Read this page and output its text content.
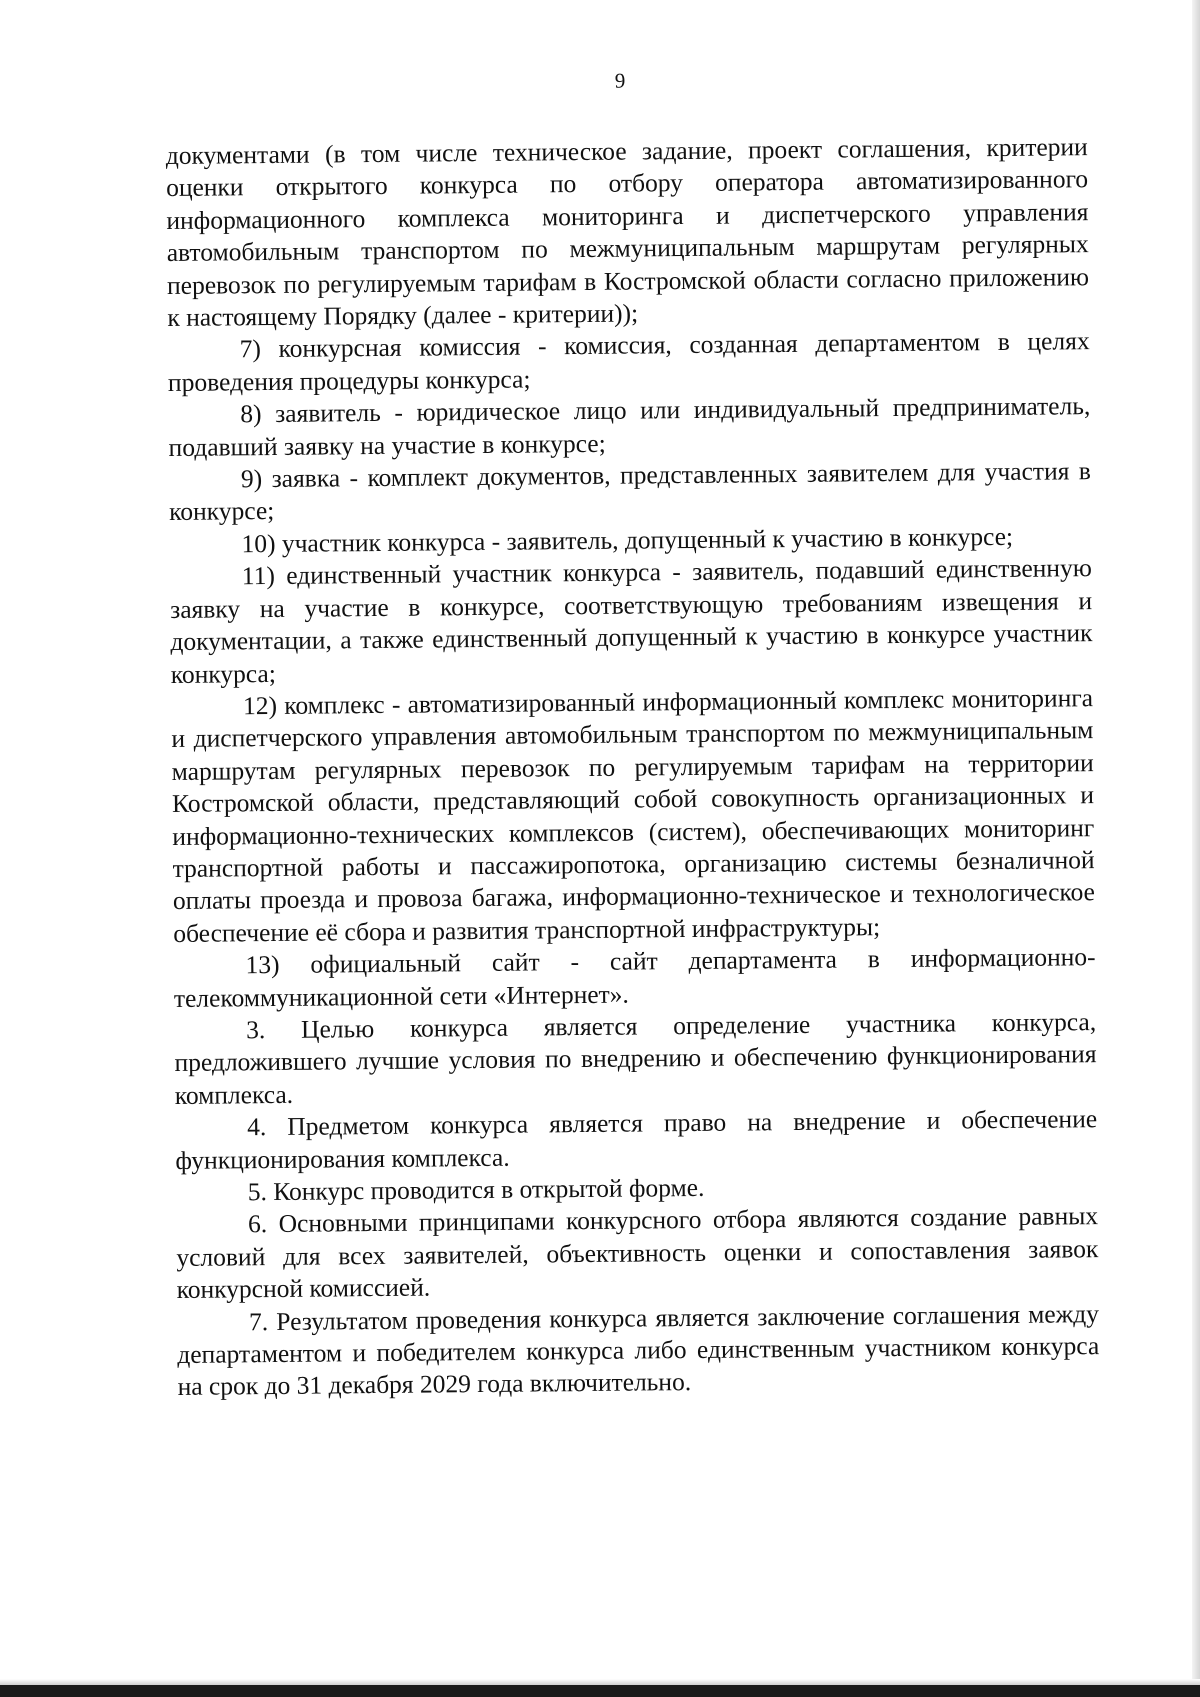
9

документами (в том числе техническое задание, проект соглашения, критерии оценки открытого конкурса по отбору оператора автоматизированного информационного комплекса мониторинга и диспетчерского управления автомобильным транспортом по межмуниципальным маршрутам регулярных перевозок по регулируемым тарифам в Костромской области согласно приложению к настоящему Порядку (далее - критерии));

7) конкурсная комиссия - комиссия, созданная департаментом в целях проведения процедуры конкурса;

8) заявитель - юридическое лицо или индивидуальный предприниматель, подавший заявку на участие в конкурсе;

9) заявка - комплект документов, представленных заявителем для участия в конкурсе;

10) участник конкурса - заявитель, допущенный к участию в конкурсе;

11) единственный участник конкурса - заявитель, подавший единственную заявку на участие в конкурсе, соответствующую требованиям извещения и документации, а также единственный допущенный к участию в конкурсе участник конкурса;

12) комплекс - автоматизированный информационный комплекс мониторинга и диспетчерского управления автомобильным транспортом по межмуниципальным маршрутам регулярных перевозок по регулируемым тарифам на территории Костромской области, представляющий собой совокупность организационных и информационно-технических комплексов (систем), обеспечивающих мониторинг транспортной работы и пассажиропотока, организацию системы безналичной оплаты проезда и провоза багажа, информационно-техническое и технологическое обеспечение её сбора и развития транспортной инфраструктуры;

13) официальный сайт - сайт департамента в информационно-телекоммуникационной сети «Интернет».

3. Целью конкурса является определение участника конкурса, предложившего лучшие условия по внедрению и обеспечению функционирования комплекса.

4. Предметом конкурса является право на внедрение и обеспечение функционирования комплекса.

5. Конкурс проводится в открытой форме.

6. Основными принципами конкурсного отбора являются создание равных условий для всех заявителей, объективность оценки и сопоставления заявок конкурсной комиссией.

7. Результатом проведения конкурса является заключение соглашения между департаментом и победителем конкурса либо единственным участником конкурса на срок до 31 декабря 2029 года включительно.
